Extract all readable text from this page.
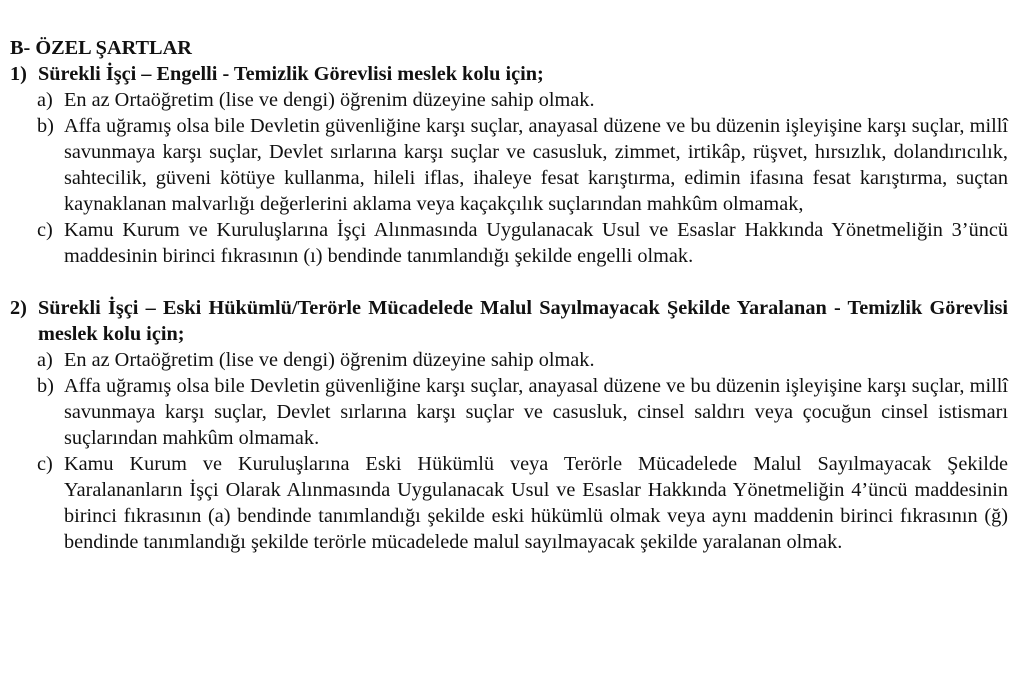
B- ÖZEL ŞARTLAR

1) Sürekli İşçi – Engelli - Temizlik Görevlisi meslek kolu için;
a) En az Ortaöğretim (lise ve dengi) öğrenim düzeyine sahip olmak.
b) Affa uğramış olsa bile Devletin güvenliğine karşı suçlar, anayasal düzene ve bu düzenin işleyişine karşı suçlar, millî savunmaya karşı suçlar, Devlet sırlarına karşı suçlar ve casusluk, zimmet, irtikâp, rüşvet, hırsızlık, dolandırıcılık, sahtecilik, güveni kötüye kullanma, hileli iflas, ihaleye fesat karıştırma, edimin ifasına fesat karıştırma, suçtan kaynaklanan malvarlığı değerlerini aklama veya kaçakçılık suçlarından mahkûm olmamak,
c) Kamu Kurum ve Kuruluşlarına İşçi Alınmasında Uygulanacak Usul ve Esaslar Hakkında Yönetmeliğin 3’üncü maddesinin birinci fıkrasının (ı) bendinde tanımlandığı şekilde engelli olmak.
2) Sürekli İşçi – Eski Hükümlü/Terörle Mücadelede Malul Sayılmayacak Şekilde Yaralanan - Temizlik Görevlisi meslek kolu için;
a) En az Ortaöğretim (lise ve dengi) öğrenim düzeyine sahip olmak.
b) Affa uğramış olsa bile Devletin güvenliğine karşı suçlar, anayasal düzene ve bu düzenin işleyişine karşı suçlar, millî savunmaya karşı suçlar, Devlet sırlarına karşı suçlar ve casusluk, cinsel saldırı veya çocuğun cinsel istismarı suçlarından mahkûm olmamak.
c) Kamu Kurum ve Kuruluşlarına Eski Hükümlü veya Terörle Mücadelede Malul Sayılmayacak Şekilde Yaralananların İşçi Olarak Alınmasında Uygulanacak Usul ve Esaslar Hakkında Yönetmeliğin 4’üncü maddesinin birinci fıkrasının (a) bendinde tanımlandığı şekilde eski hükümlü olmak veya aynı maddenin birinci fıkrasının (ğ) bendinde tanımlandığı şekilde terörle mücadelede malul sayılmayacak şekilde yaralanan olmak.
